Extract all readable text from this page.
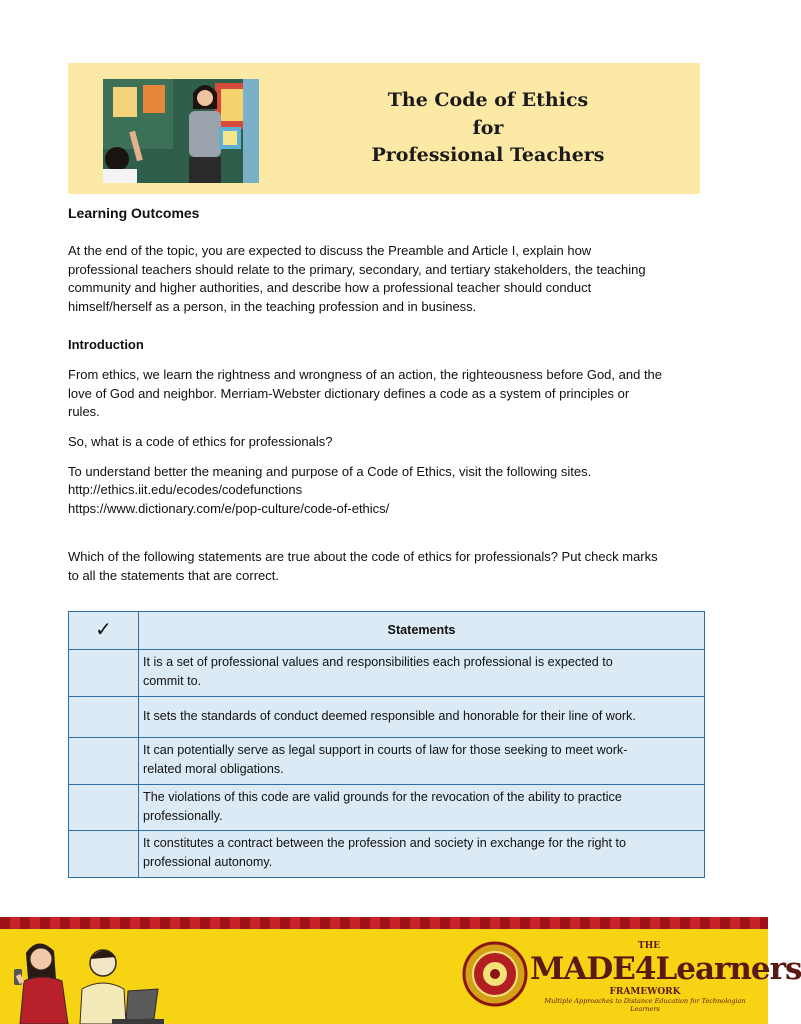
The Code of Ethics
for
Professional Teachers
Learning Outcomes
At the end of the topic, you are expected to discuss the Preamble and Article I, explain how
professional teachers should relate to the primary, secondary, and tertiary stakeholders, the teaching
community and higher authorities, and describe how a professional teacher should conduct
himself/herself as a person, in the teaching profession and in business.
Introduction
From ethics, we learn the rightness and wrongness of an action, the righteousness before God, and the
love of God and neighbor. Merriam-Webster dictionary defines a code as a system of principles or
rules.
So, what is a code of ethics for professionals?
To understand better the meaning and purpose of a Code of Ethics, visit the following sites.
http://ethics.iit.edu/ecodes/codefunctions
https://www.dictionary.com/e/pop-culture/code-of-ethics/
Which of the following statements are true about the code of ethics for professionals? Put check marks
to all the statements that are correct.
✓	Statements

	It is a set of professional values and responsibilities each professional is expected to
commit to.

	It sets the standards of conduct deemed responsible and honorable for their line of work.

	It can potentially serve as legal support in courts of law for those seeking to meet work-
related moral obligations.

	The violations of this code are valid grounds for the revocation of the ability to practice
professionally.

	It constitutes a contract between the profession and society in exchange for the right to
professional autonomy.
THE
MADE4Learners
FRAMEWORK
Multiple Approaches to Distance Education for Technologian Learners
